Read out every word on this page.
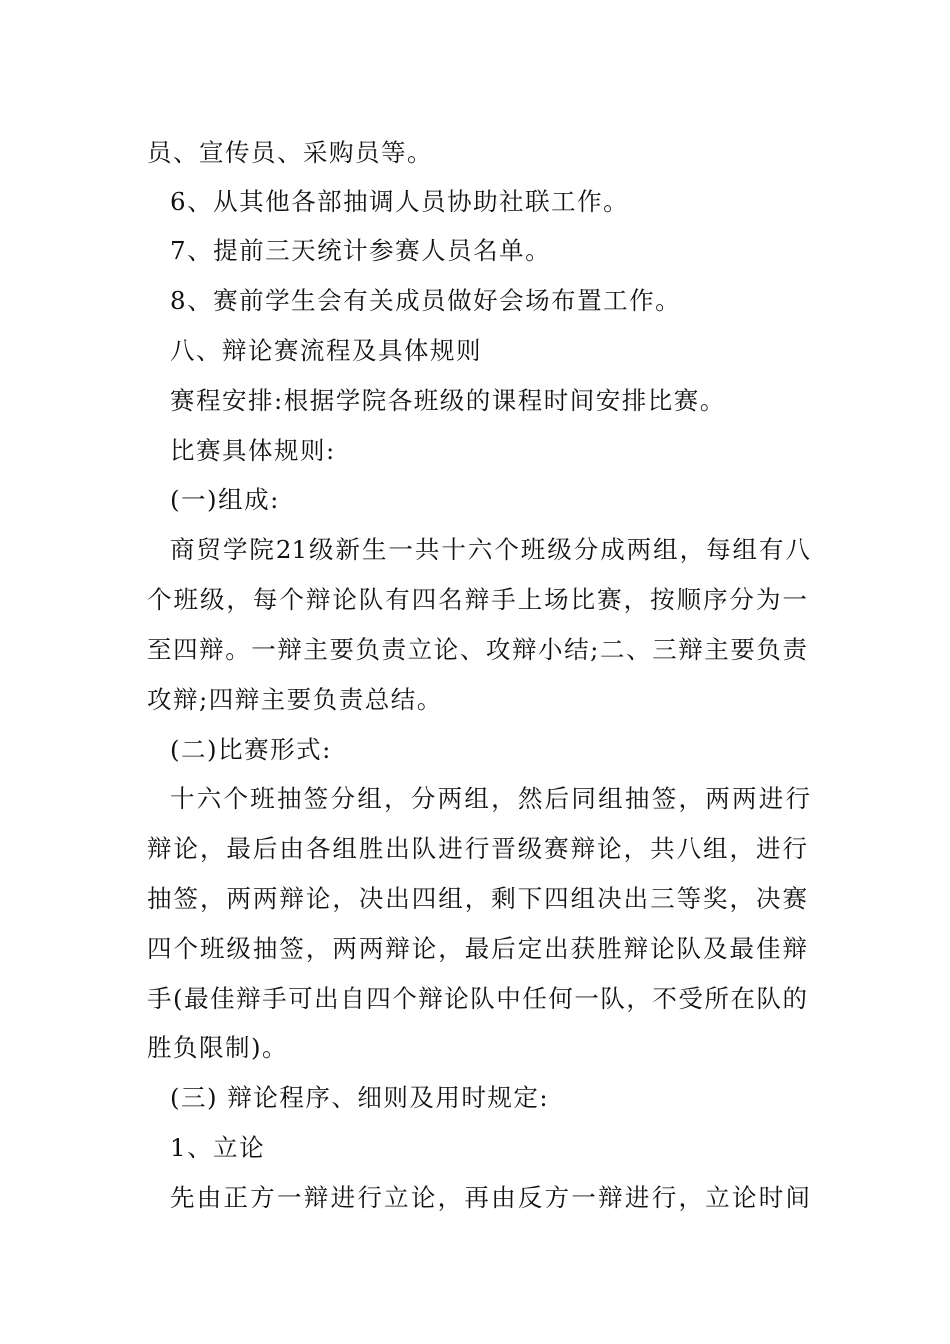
员、宣传员、采购员等。
6、从其他各部抽调人员协助社联工作。
7、提前三天统计参赛人员名单。
8、赛前学生会有关成员做好会场布置工作。
八、辩论赛流程及具体规则
赛程安排:根据学院各班级的课程时间安排比赛。
比赛具体规则:
(一)组成:
商贸学院21级新生一共十六个班级分成两组，每组有八
个班级，每个辩论队有四名辩手上场比赛，按顺序分为一
至四辩。一辩主要负责立论、攻辩小结;二、三辩主要负责
攻辩;四辩主要负责总结。
(二)比赛形式:
十六个班抽签分组，分两组，然后同组抽签，两两进行
辩论，最后由各组胜出队进行晋级赛辩论，共八组，进行
抽签，两两辩论，决出四组，剩下四组决出三等奖，决赛
四个班级抽签，两两辩论，最后定出获胜辩论队及最佳辩
手(最佳辩手可出自四个辩论队中任何一队，不受所在队的
胜负限制)。
(三) 辩论程序、细则及用时规定:
1、立论
先由正方一辩进行立论，再由反方一辩进行，立论时间
